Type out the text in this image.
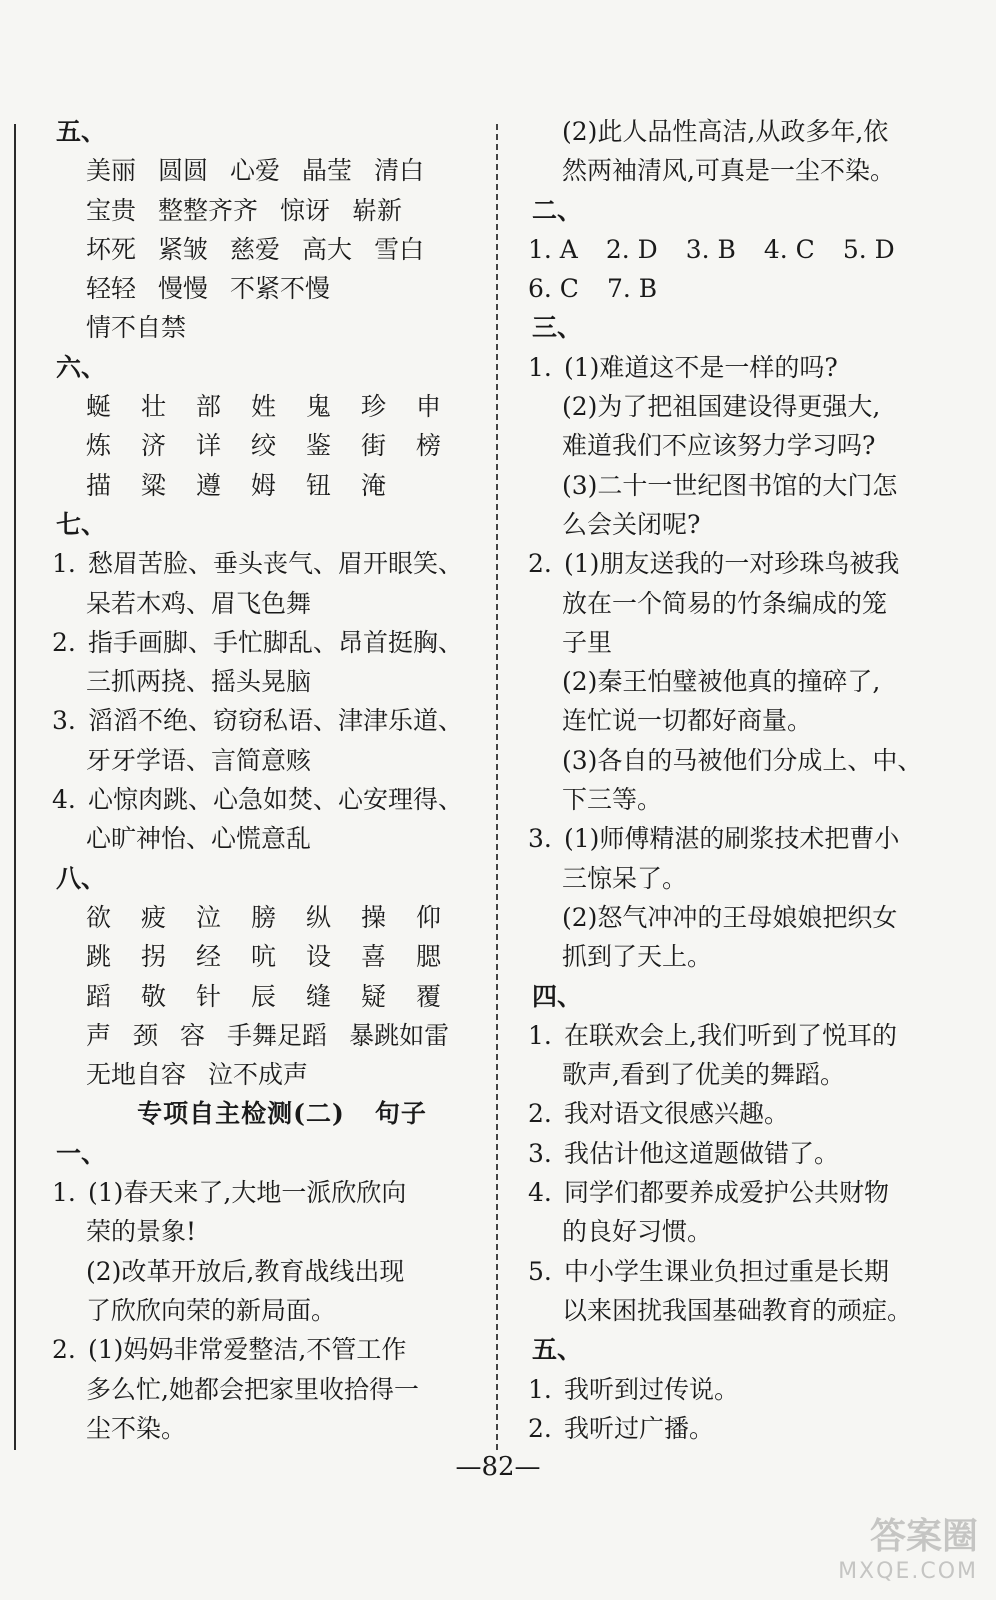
五、
美丽 圆圆 心爱 晶莹 清白
宝贵 整整齐齐 惊讶 崭新
坏死 紧皱 慈爱 高大 雪白
轻轻 慢慢 不紧不慢
情不自禁
六、
蜒 壮 部 姓 鬼 珍 申
炼 济 详 绞 鉴 街 榜
描 粱 遵 姆 钮 淹
七、
1. 愁眉苦脸、垂头丧气、眉开眼笑、
呆若木鸡、眉飞色舞
2. 指手画脚、手忙脚乱、昂首挺胸、
三抓两挠、摇头晃脑
3. 滔滔不绝、窃窃私语、津津乐道、
牙牙学语、言简意赅
4. 心惊肉跳、心急如焚、心安理得、
心旷神怡、心慌意乱
八、
欲 疲 泣 膀 纵 操 仰
跳 拐 经 吭 设 喜 腮
蹈 敬 针 辰 缝 疑 覆
声 颈 容 手舞足蹈 暴跳如雷
无地自容 泣不成声
专项自主检测(二) 句子
一、
1. (1)春天来了,大地一派欣欣向
荣的景象!
(2)改革开放后,教育战线出现
了欣欣向荣的新局面。
2. (1)妈妈非常爱整洁,不管工作
多么忙,她都会把家里收拾得一
尘不染。
(2)此人品性高洁,从政多年,依
然两袖清风,可真是一尘不染。
二、
1. A 2. D 3. B 4. C 5. D
6. C 7. B
三、
1. (1)难道这不是一样的吗?
(2)为了把祖国建设得更强大,
难道我们不应该努力学习吗?
(3)二十一世纪图书馆的大门怎
么会关闭呢?
2. (1)朋友送我的一对珍珠鸟被我
放在一个简易的竹条编成的笼
子里
(2)秦王怕璧被他真的撞碎了,
连忙说一切都好商量。
(3)各自的马被他们分成上、中、
下三等。
3. (1)师傅精湛的刷浆技术把曹小
三惊呆了。
(2)怒气冲冲的王母娘娘把织女
抓到了天上。
四、
1. 在联欢会上,我们听到了悦耳的
歌声,看到了优美的舞蹈。
2. 我对语文很感兴趣。
3. 我估计他这道题做错了。
4. 同学们都要养成爱护公共财物
的良好习惯。
5. 中小学生课业负担过重是长期
以来困扰我国基础教育的顽症。
五、
1. 我听到过传说。
2. 我听过广播。
—82—
答案圈
MXQE.COM
